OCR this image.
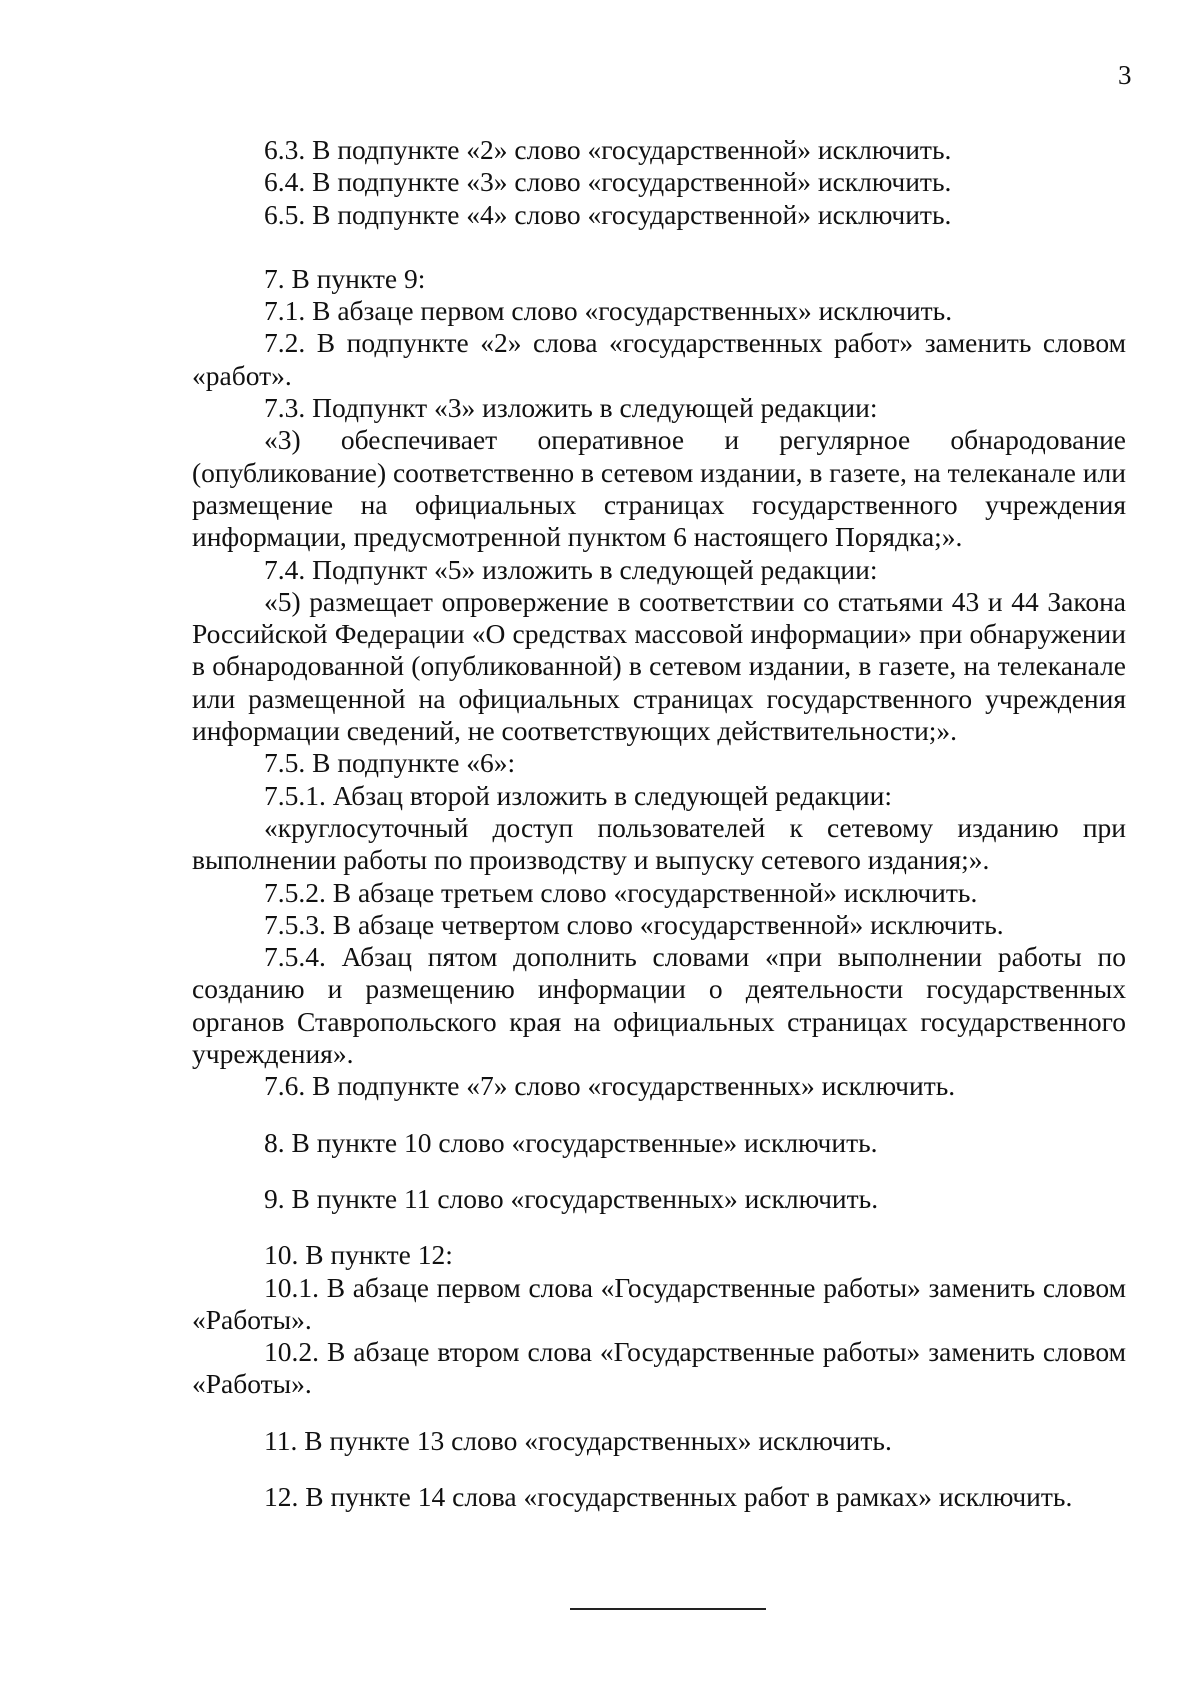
3

6.3. В подпункте «2» слово «государственной» исключить.

6.4. В подпункте «3» слово «государственной» исключить.

6.5. В подпункте «4» слово «государственной» исключить.

7. В пункте 9:

7.1. В абзаце первом слово «государственных» исключить.

7.2. В подпункте «2» слова «государственных работ» заменить словом «работ».

7.3. Подпункт «3» изложить в следующей редакции:

«3) обеспечивает оперативное и регулярное обнародование (опубликование) соответственно в сетевом издании, в газете, на телеканале или размещение на официальных страницах государственного учреждения информации, предусмотренной пунктом 6 настоящего Порядка;».

7.4. Подпункт «5» изложить в следующей редакции:

«5) размещает опровержение в соответствии со статьями 43 и 44 Закона Российской Федерации «О средствах массовой информации» при обнаружении в обнародованной (опубликованной) в сетевом издании, в газете, на телеканале или размещенной на официальных страницах государственного учреждения информации сведений, не соответствующих действительности;».

7.5. В подпункте «6»:

7.5.1. Абзац второй изложить в следующей редакции:

«круглосуточный доступ пользователей к сетевому изданию при выполнении работы по производству и выпуску сетевого издания;».

7.5.2. В абзаце третьем слово «государственной» исключить.

7.5.3. В абзаце четвертом слово «государственной» исключить.

7.5.4. Абзац пятом дополнить словами «при выполнении работы по созданию и размещению информации о деятельности государственных органов Ставропольского края на официальных страницах государственного учреждения».

7.6. В подпункте «7» слово «государственных» исключить.

8. В пункте 10 слово «государственные» исключить.

9. В пункте 11 слово «государственных» исключить.

10. В пункте 12:

10.1. В абзаце первом слова «Государственные работы» заменить словом «Работы».

10.2. В абзаце втором слова «Государственные работы» заменить словом «Работы».

11. В пункте 13 слово «государственных» исключить.

12. В пункте 14 слова «государственных работ в рамках» исключить.
